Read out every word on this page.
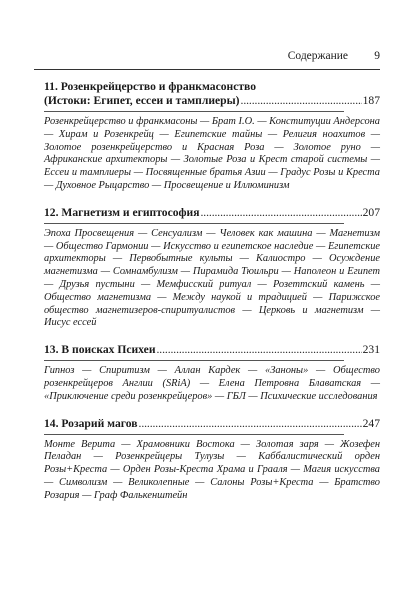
Содержание 9
11. Розенкрейцерство и франкмасонство
(Истоки: Египет, ессеи и тамплиеры) . . .	187

Розенкрейцерство и франкмасоны — Брат I.O. — Конституции Андерсона — Хирам и Розенкрейц — Египетские тайны — Религия ноахитов — Золотое розенкрейцерство и Красная Роза — Золотое руно — Африканские архитекторы — Золотые Роза и Крест старой системы — Ессеи и тамплиеры — Посвященные братья Азии — Градус Розы и Креста — Духовное Рыцарство — Просвещение и Иллюминизм

12. Магнетизм и египтософия . . .	207

Эпоха Просвещения — Сенсуализм — Человек как машина — Магнетизм — Общество Гармонии — Искусство и египетское наследие — Египетские архитекторы — Первобытные культы — Калиостро — Осуждение магнетизма — Сомнамбулизм — Пирамида Тюильри — Наполеон и Египет — Друзья пустыни — Мемфисский ритуал — Розеттский камень — Общество магнетизма — Между наукой и традицией — Парижское общество магнетизеров-спиритуалистов — Церковь и магнетизм — Иисус ессей

13. В поисках Психеи . . .	231

Гипноз — Спиритизм — Аллан Кардек — «Заноны» — Общество розенкрейцеров Англии (SRiA) — Елена Петровна Блаватская — «Приключение среди розенкрейцеров» — ГБЛ — Психические исследования

14. Розарий магов . . .	247

Монте Верита — Храмовники Востока — Золотая заря — Жозефен Пеладан — Розенкрейцеры Тулузы — Каббалистический орден Розы+Креста — Орден Розы-Креста Храма и Грааля — Магия искусства — Символизм — Великолепные — Салоны Розы+Креста — Братство Розария — Граф Фалькенштейн
